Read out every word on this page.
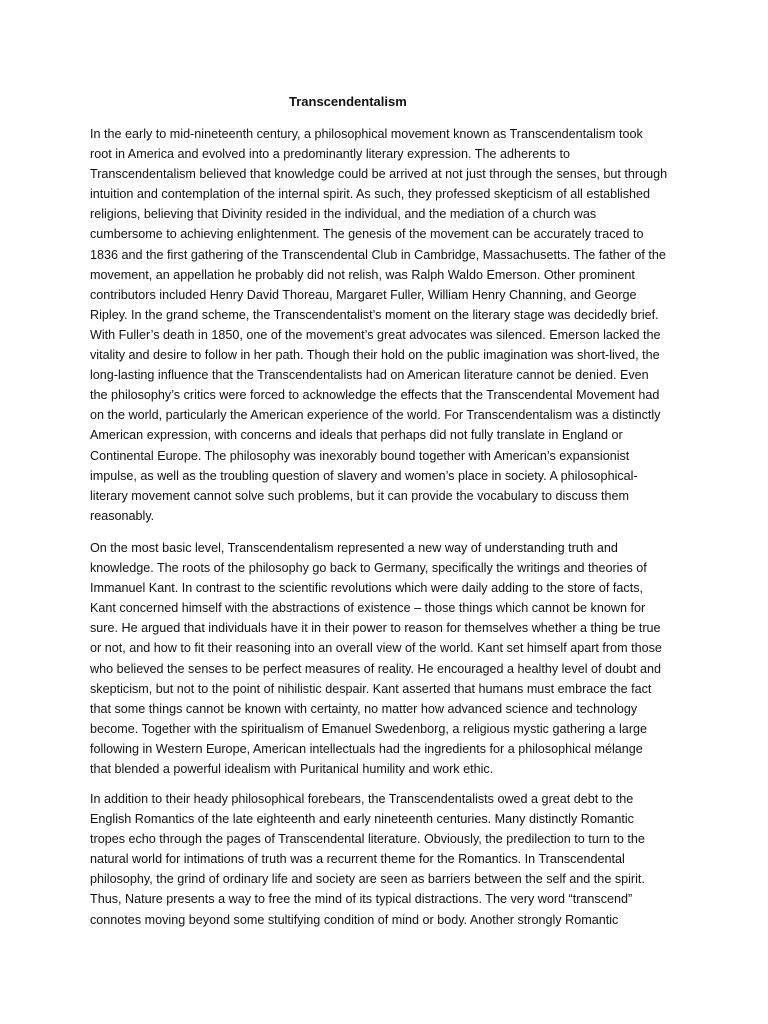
Transcendentalism

In the early to mid-nineteenth century, a philosophical movement known as Transcendentalism took
root in America and evolved into a predominantly literary expression. The adherents to
Transcendentalism believed that knowledge could be arrived at not just through the senses, but through
intuition and contemplation of the internal spirit. As such, they professed skepticism of all established
religions, believing that Divinity resided in the individual, and the mediation of a church was
cumbersome to achieving enlightenment. The genesis of the movement can be accurately traced to
1836 and the first gathering of the Transcendental Club in Cambridge, Massachusetts. The father of the
movement, an appellation he probably did not relish, was Ralph Waldo Emerson. Other prominent
contributors included Henry David Thoreau, Margaret Fuller, William Henry Channing, and George
Ripley. In the grand scheme, the Transcendentalist’s moment on the literary stage was decidedly brief.
With Fuller’s death in 1850, one of the movement’s great advocates was silenced. Emerson lacked the
vitality and desire to follow in her path. Though their hold on the public imagination was short-lived, the
long-lasting influence that the Transcendentalists had on American literature cannot be denied. Even
the philosophy’s critics were forced to acknowledge the effects that the Transcendental Movement had
on the world, particularly the American experience of the world. For Transcendentalism was a distinctly
American expression, with concerns and ideals that perhaps did not fully translate in England or
Continental Europe. The philosophy was inexorably bound together with American’s expansionist
impulse, as well as the troubling question of slavery and women’s place in society. A philosophical-
literary movement cannot solve such problems, but it can provide the vocabulary to discuss them
reasonably.

On the most basic level, Transcendentalism represented a new way of understanding truth and
knowledge. The roots of the philosophy go back to Germany, specifically the writings and theories of
Immanuel Kant. In contrast to the scientific revolutions which were daily adding to the store of facts,
Kant concerned himself with the abstractions of existence – those things which cannot be known for
sure. He argued that individuals have it in their power to reason for themselves whether a thing be true
or not, and how to fit their reasoning into an overall view of the world. Kant set himself apart from those
who believed the senses to be perfect measures of reality. He encouraged a healthy level of doubt and
skepticism, but not to the point of nihilistic despair. Kant asserted that humans must embrace the fact
that some things cannot be known with certainty, no matter how advanced science and technology
become. Together with the spiritualism of Emanuel Swedenborg, a religious mystic gathering a large
following in Western Europe, American intellectuals had the ingredients for a philosophical mélange
that blended a powerful idealism with Puritanical humility and work ethic.

In addition to their heady philosophical forebears, the Transcendentalists owed a great debt to the
English Romantics of the late eighteenth and early nineteenth centuries. Many distinctly Romantic
tropes echo through the pages of Transcendental literature. Obviously, the predilection to turn to the
natural world for intimations of truth was a recurrent theme for the Romantics. In Transcendental
philosophy, the grind of ordinary life and society are seen as barriers between the self and the spirit.
Thus, Nature presents a way to free the mind of its typical distractions. The very word “transcend”
connotes moving beyond some stultifying condition of mind or body. Another strongly Romantic
